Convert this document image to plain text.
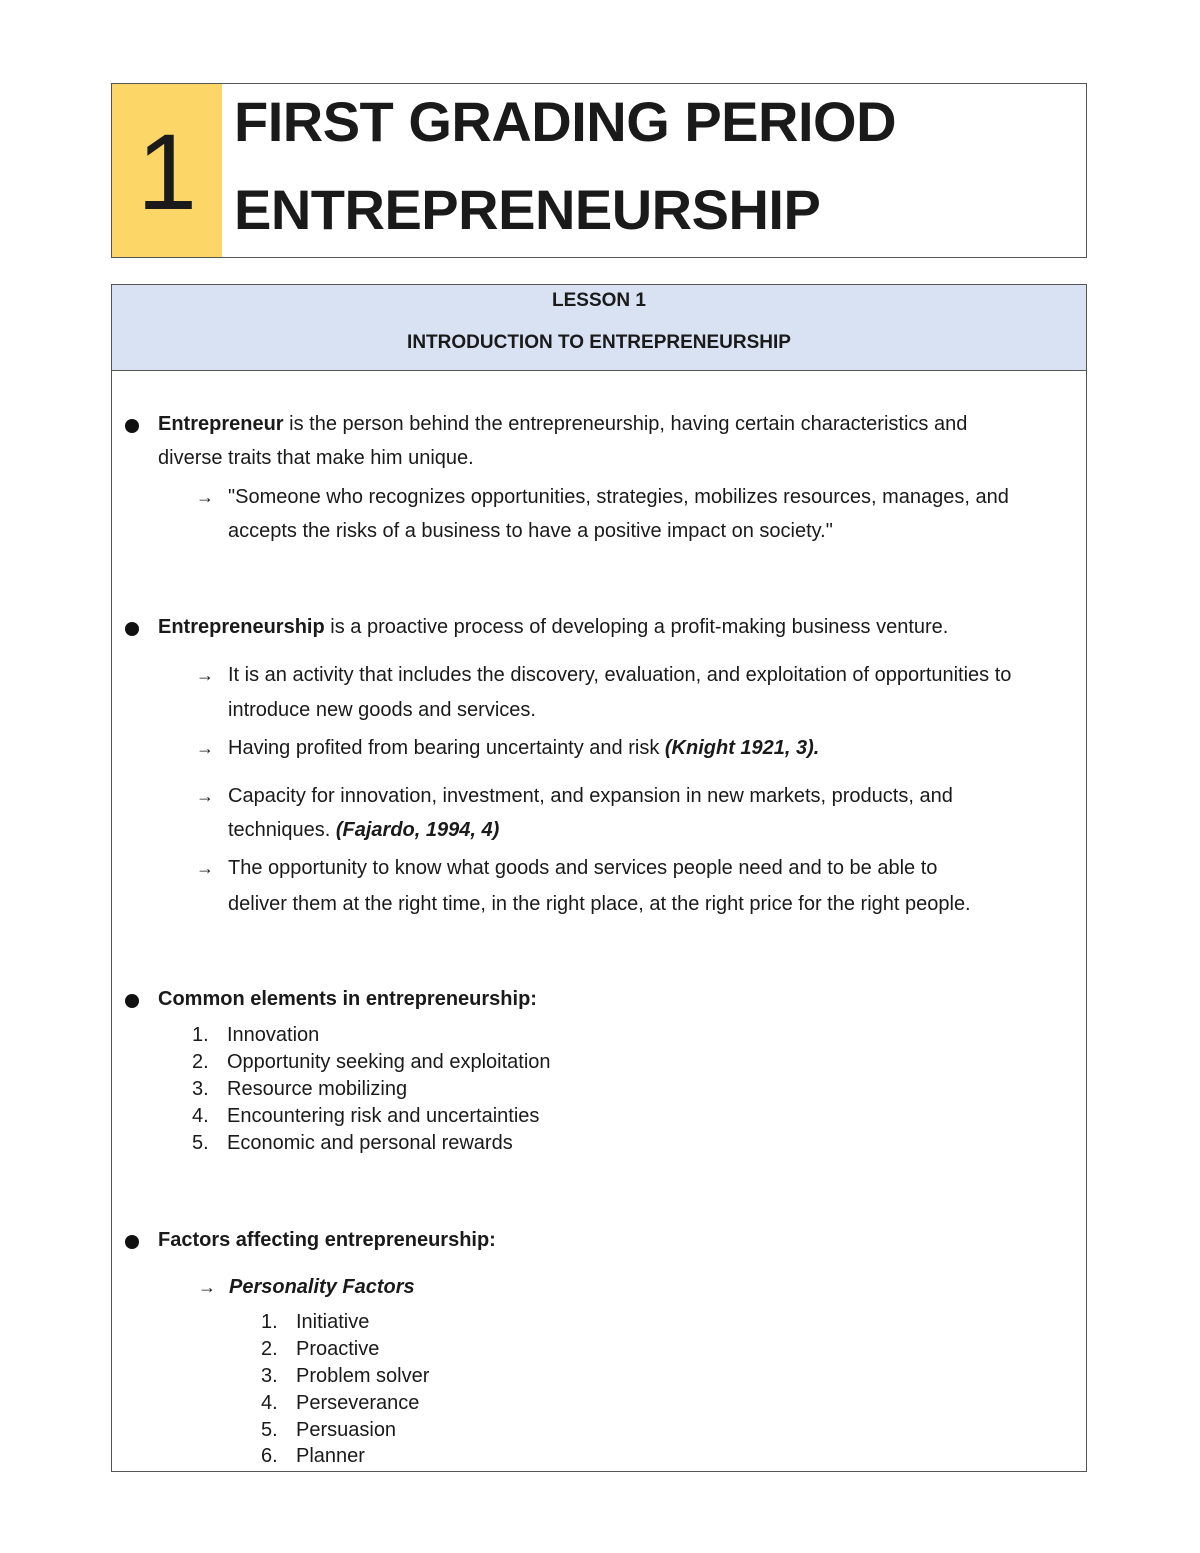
1 FIRST GRADING PERIOD
ENTREPRENEURSHIP
LESSON 1
INTRODUCTION TO ENTREPRENEURSHIP
Entrepreneur is the person behind the entrepreneurship, having certain characteristics and
diverse traits that make him unique.
→ "Someone who recognizes opportunities, strategies, mobilizes resources, manages, and
accepts the risks of a business to have a positive impact on society."
Entrepreneurship is a proactive process of developing a profit-making business venture.
→ It is an activity that includes the discovery, evaluation, and exploitation of opportunities to
introduce new goods and services.
→ Having profited from bearing uncertainty and risk (Knight 1921, 3).
→ Capacity for innovation, investment, and expansion in new markets, products, and
techniques. (Fajardo, 1994, 4)
→ The opportunity to know what goods and services people need and to be able to
deliver them at the right time, in the right place, at the right price for the right people.
Common elements in entrepreneurship:
1. Innovation
2. Opportunity seeking and exploitation
3. Resource mobilizing
4. Encountering risk and uncertainties
5. Economic and personal rewards
Factors affecting entrepreneurship:
→ Personality Factors
1. Initiative
2. Proactive
3. Problem solver
4. Perseverance
5. Persuasion
6. Planner
